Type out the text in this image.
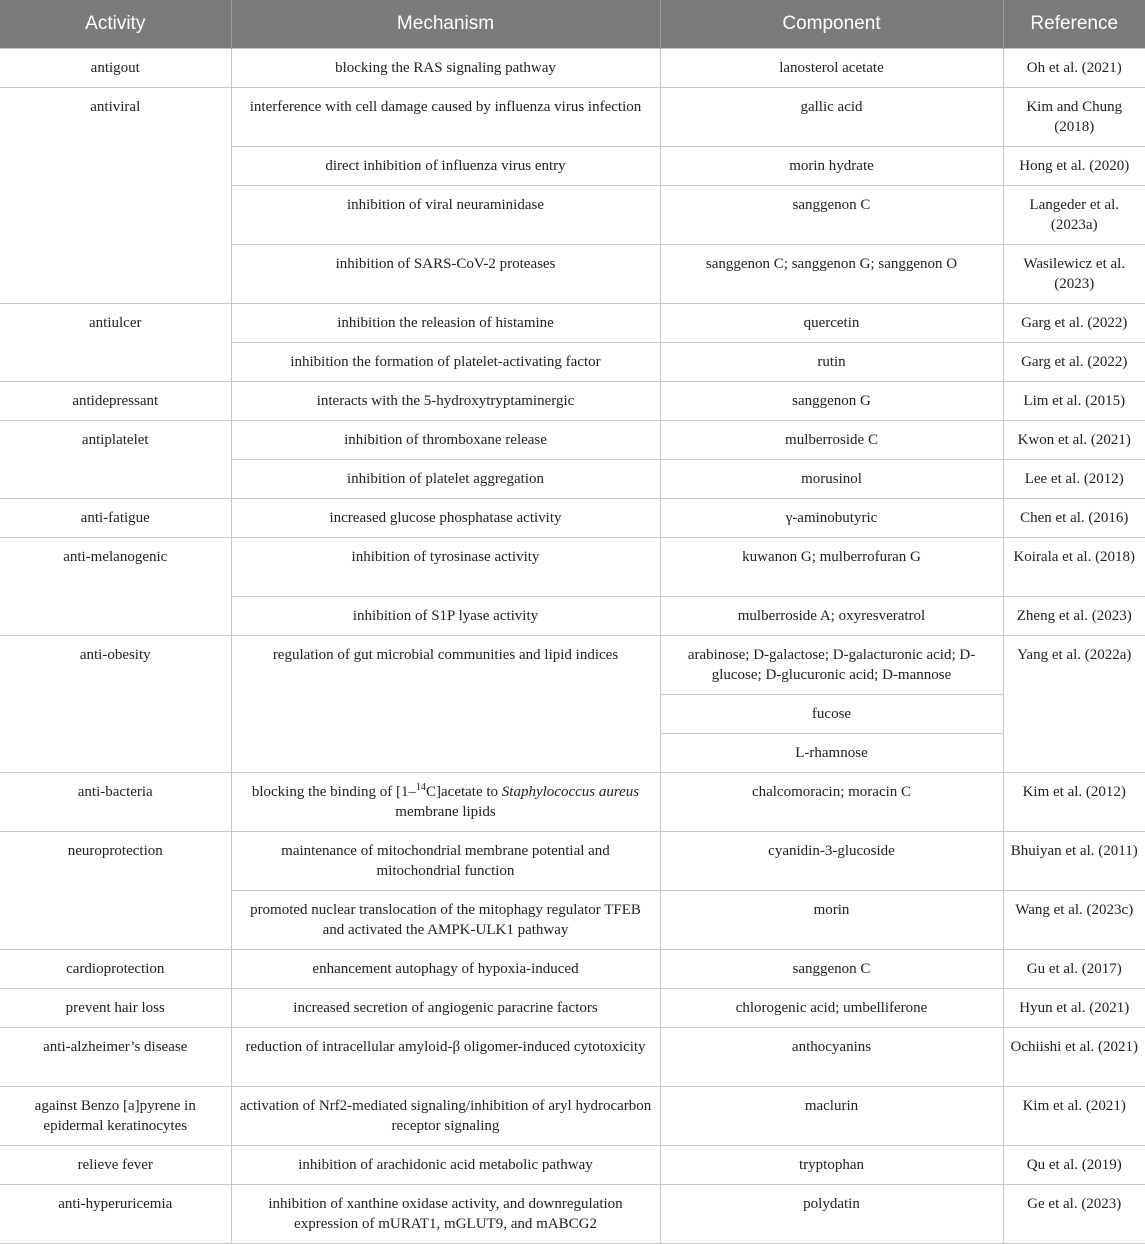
Activity	Mechanism	Component	Reference
antigout	blocking the RAS signaling pathway	lanosterol acetate	Oh et al. (2021)
antiviral	interference with cell damage caused by influenza virus infection	gallic acid	Kim and Chung (2018)
	direct inhibition of influenza virus entry	morin hydrate	Hong et al. (2020)
	inhibition of viral neuraminidase	sanggenon C	Langeder et al. (2023a)
	inhibition of SARS-CoV-2 proteases	sanggenon C; sanggenon G; sanggenon O	Wasilewicz et al. (2023)
antiulcer	inhibition the releasion of histamine	quercetin	Garg et al. (2022)
	inhibition the formation of platelet-activating factor	rutin	Garg et al. (2022)
antidepressant	interacts with the 5-hydroxytryptaminergic	sanggenon G	Lim et al. (2015)
antiplatelet	inhibition of thromboxane release	mulberroside C	Kwon et al. (2021)
	inhibition of platelet aggregation	morusinol	Lee et al. (2012)
anti-fatigue	increased glucose phosphatase activity	γ-aminobutyric	Chen et al. (2016)
anti-melanogenic	inhibition of tyrosinase activity	kuwanon G; mulberrofuran G	Koirala et al. (2018)
	inhibition of S1P lyase activity	mulberroside A; oxyresveratrol	Zheng et al. (2023)
anti-obesity	regulation of gut microbial communities and lipid indices	arabinose; D-galactose; D-galacturonic acid; D-glucose; D-glucuronic acid; D-mannose	Yang et al. (2022a)
		fucose	
		L-rhamnose	
anti-bacteria	blocking the binding of [1–$^{14}$C]acetate to Staphylococcus aureus membrane lipids	chalcomoracin; moracin C	Kim et al. (2012)
neuroprotection	maintenance of mitochondrial membrane potential and mitochondrial function	cyanidin-3-glucoside	Bhuiyan et al. (2011)
	promoted nuclear translocation of the mitophagy regulator TFEB and activated the AMPK-ULK1 pathway	morin	Wang et al. (2023c)
cardioprotection	enhancement autophagy of hypoxia-induced	sanggenon C	Gu et al. (2017)
prevent hair loss	increased secretion of angiogenic paracrine factors	chlorogenic acid; umbelliferone	Hyun et al. (2021)
anti-alzheimer’s disease	reduction of intracellular amyloid-β oligomer-induced cytotoxicity	anthocyanins	Ochiishi et al. (2021)
against Benzo [a]pyrene in epidermal keratinocytes	activation of Nrf2-mediated signaling/inhibition of aryl hydrocarbon receptor signaling	maclurin	Kim et al. (2021)
relieve fever	inhibition of arachidonic acid metabolic pathway	tryptophan	Qu et al. (2019)
anti-hyperuricemia	inhibition of xanthine oxidase activity, and downregulation expression of mURAT1, mGLUT9, and mABCG2	polydatin	Ge et al. (2023)
